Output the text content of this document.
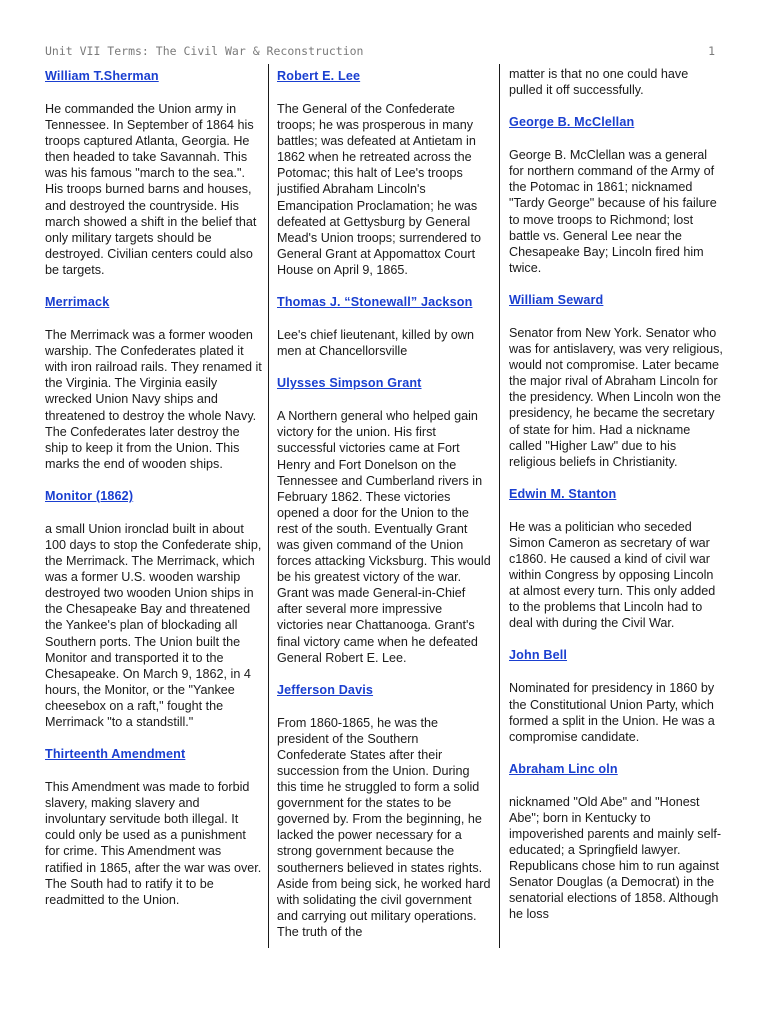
Unit VII Terms: The Civil War & Reconstruction	1
William T.Sherman

He commanded the Union army in Tennessee. In September of 1864 his troops captured Atlanta, Georgia. He then headed to take Savannah. This was his famous "march to the sea.". His troops burned barns and houses, and destroyed the countryside. His march showed a shift in the belief that only military targets should be destroyed. Civilian centers could also be targets.

Merrimack

The Merrimack was a former wooden warship. The Confederates plated it with iron railroad rails. They renamed it the Virginia. The Virginia easily wrecked Union Navy ships and threatened to destroy the whole Navy. The Confederates later destroy the ship to keep it from the Union. This marks the end of wooden ships.

Monitor (1862)

a small Union ironclad built in about 100 days to stop the Confederate ship, the Merrimack. The Merrimack, which was a former U.S. wooden warship destroyed two wooden Union ships in the Chesapeake Bay and threatened the Yankee's plan of blockading all Southern ports. The Union built the Monitor and transported it to the Chesapeake. On March 9, 1862, in 4 hours, the Monitor, or the "Yankee cheesebox on a raft," fought the Merrimack "to a standstill."

Thirteenth Amendment

This Amendment was made to forbid slavery, making slavery and involuntary servitude both illegal. It could only be used as a punishment for crime. This Amendment was ratified in 1865, after the war was over. The South had to ratify it to be readmitted to the Union.

Robert E. Lee

The General of the Confederate troops; he was prosperous in many battles; was defeated at Antietam in 1862 when he retreated across the Potomac; this halt of Lee's troops justified Abraham Lincoln's Emancipation Proclamation; he was defeated at Gettysburg by General Mead's Union troops; surrendered to General Grant at Appomattox Court House on April 9, 1865.

Thomas J. “Stonewall” Jackson

Lee's chief lieutenant, killed by own men at Chancellorsville

Ulysses Simpson Grant

A Northern general who helped gain victory for the union. His first successful victories came at Fort Henry and Fort Donelson on the Tennessee and Cumberland rivers in February 1862. These victories opened a door for the Union to the rest of the south. Eventually Grant was given command of the Union forces attacking Vicksburg. This would be his greatest victory of the war. Grant was made General-in-Chief after several more impressive victories near Chattanooga. Grant's final victory came when he defeated General Robert E. Lee.

Jefferson Davis

From 1860-1865, he was the president of the Southern Confederate States after their succession from the Union. During this time he struggled to form a solid government for the states to be governed by. From the beginning, he lacked the power necessary for a strong government because the southerners believed in states rights. Aside from being sick, he worked hard with solidating the civil government and carrying out military operations. The truth of the

matter is that no one could have pulled it off successfully.

George B. McClellan

George B. McClellan was a general for northern command of the Army of the Potomac in 1861; nicknamed "Tardy George" because of his failure to move troops to Richmond; lost battle vs. General Lee near the Chesapeake Bay; Lincoln fired him twice.

William Seward

Senator from New York. Senator who was for antislavery, was very religious, would not compromise. Later became the major rival of Abraham Lincoln for the presidency. When Lincoln won the presidency, he became the secretary of state for him. Had a nickname called "Higher Law" due to his religious beliefs in Christianity.

Edwin M. Stanton

He was a politician who seceded Simon Cameron as secretary of war c1860. He caused a kind of civil war within Congress by opposing Lincoln at almost every turn. This only added to the problems that Lincoln had to deal with during the Civil War.

John Bell

Nominated for presidency in 1860 by the Constitutional Union Party, which formed a split in the Union. He was a compromise candidate.

Abraham Linc oln

nicknamed "Old Abe" and "Honest Abe"; born in Kentucky to impoverished parents and mainly self-educated; a Springfield lawyer. Republicans chose him to run against Senator Douglas (a Democrat) in the senatorial elections of 1858. Although he loss
